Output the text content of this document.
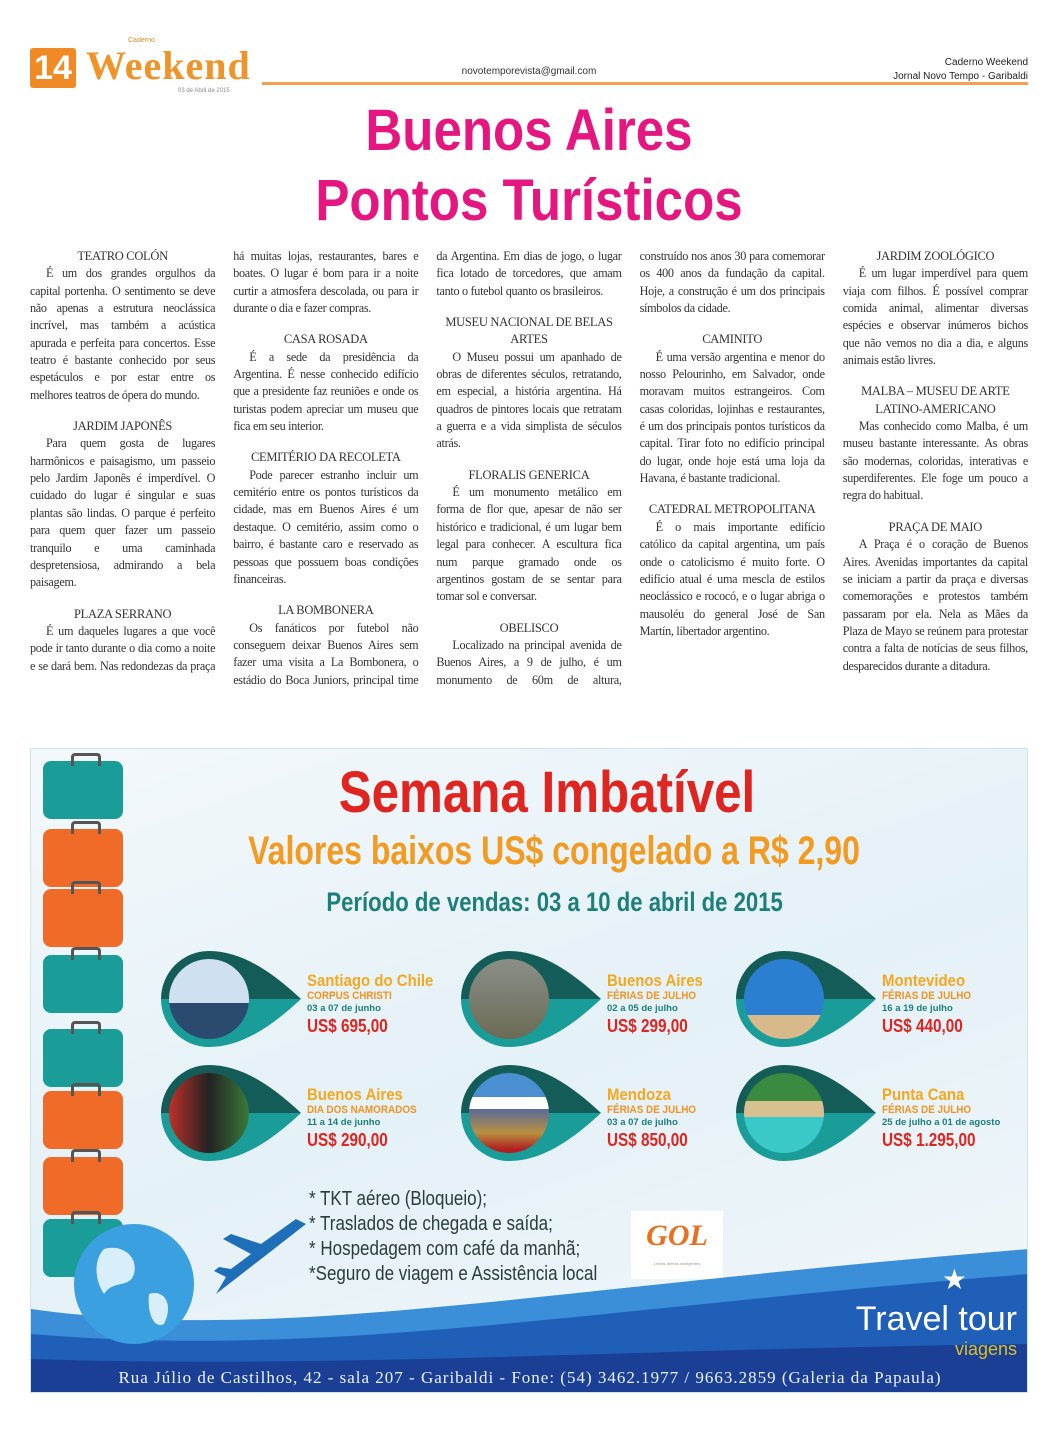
14
Caderno
Weekend
03 de Abril de 2015
novotemporevista@gmail.com
Caderno Weekend
Jornal Novo Tempo - Garibaldi
Buenos Aires
Pontos Turísticos
TEATRO COLÓN

É um dos grandes orgulhos da capital portenha. O sentimento se deve não apenas a estrutura neoclássica incrível, mas também a acústica apurada e perfeita para concertos. Esse teatro é bastante conhecido por seus espetáculos e por estar entre os melhores teatros de ópera do mundo.

JARDIM JAPONÊS

Para quem gosta de lugares harmônicos e paisagismo, um passeio pelo Jardim Japonês é imperdível. O cuidado do lugar é singular e suas plantas são lindas. O parque é perfeito para quem quer fazer um passeio tranquilo e uma caminhada despretensiosa, admirando a bela paisagem.

PLAZA SERRANO

É um daqueles lugares a que você pode ir tanto durante o dia como a noite e se dará bem. Nas redondezas da praça há muitas lojas, restaurantes, bares e boates. O lugar é bom para ir a noite curtir a atmosfera descolada, ou para ir durante o dia e fazer compras.

CASA ROSADA

É a sede da presidência da Argentina. É nesse conhecido edifício que a presidente faz reuniões e onde os turistas podem apreciar um museu que fica em seu interior.

CEMITÉRIO DA RECOLETA

Pode parecer estranho incluir um cemitério entre os pontos turísticos da cidade, mas em Buenos Aires é um destaque. O cemitério, assim como o bairro, é bastante caro e reservado as pessoas que possuem boas condições financeiras.

LA BOMBONERA

Os fanáticos por futebol não conseguem deixar Buenos Aires sem fazer uma visita a La Bombonera, o estádio do Boca Juniors, principal time da Argentina. Em dias de jogo, o lugar fica lotado de torcedores, que amam tanto o futebol quanto os brasileiros.

MUSEU NACIONAL DE BELAS ARTES

O Museu possui um apanhado de obras de diferentes séculos, retratando, em especial, a história argentina. Há quadros de pintores locais que retratam a guerra e a vida simplista de séculos atrás.

FLORALIS GENERICA

É um monumento metálico em forma de flor que, apesar de não ser histórico e tradicional, é um lugar bem legal para conhecer. A escultura fica num parque gramado onde os argentinos gostam de se sentar para tomar sol e conversar.

OBELISCO

Localizado na principal avenida de Buenos Aires, a 9 de julho, é um monumento de 60m de altura, construído nos anos 30 para comemorar os 400 anos da fundação da capital. Hoje, a construção é um dos principais símbolos da cidade.

CAMINITO

É uma versão argentina e menor do nosso Pelourinho, em Salvador, onde moravam muitos estrangeiros. Com casas coloridas, lojinhas e restaurantes, é um dos principais pontos turísticos da capital. Tirar foto no edifício principal do lugar, onde hoje está uma loja da Havana, é bastante tradicional.

CATEDRAL METROPOLITANA

É o mais importante edifício católico da capital argentina, um país onde o catolicismo é muito forte. O edifício atual é uma mescla de estilos neoclássico e rococó, e o lugar abriga o mausoléu do general José de San Martín, libertador argentino.

JARDIM ZOOLÓGICO

É um lugar imperdível para quem viaja com filhos. É possível comprar comida animal, alimentar diversas espécies e observar inúmeros bichos que não vemos no dia a dia, e alguns animais estão livres.

MALBA – MUSEU DE ARTE LATINO-AMERICANO

Mas conhecido como Malba, é um museu bastante interessante. As obras são modernas, coloridas, interativas e superdiferentes. Ele foge um pouco a regra do habitual.

PRAÇA DE MAIO

A Praça é o coração de Buenos Aires. Avenidas importantes da capital se iniciam a partir da praça e diversas comemorações e protestos também passaram por ela. Nela as Mães da Plaza de Mayo se reúnem para protestar contra a falta de notícias de seus filhos, desparecidos durante a ditadura.

Semana Imbatível
Valores baixos US$ congelado a R$ 2,90
Período de vendas: 03 a 10 de abril de 2015
Santiago do Chile
CORPUS CHRISTI
03 a 07 de junho
US$ 695,00
Buenos Aires
FÉRIAS DE JULHO
02 a 05 de julho
US$ 299,00
Montevideo
FÉRIAS DE JULHO
16 a 19 de julho
US$ 440,00
Buenos Aires
DIA DOS NAMORADOS
11 a 14 de junho
US$ 290,00
Mendoza
FÉRIAS DE JULHO
03 a 07 de julho
US$ 850,00
Punta Cana
FÉRIAS DE JULHO
25 de julho a 01 de agosto
US$ 1.295,00
* TKT aéreo (Bloqueio);
* Traslados de chegada e saída;
* Hospedagem com café da manhã;
*Seguro de viagem e Assistência local
GOL
Linhas aéreas inteligentes
★
Travel tour
viagens
Rua Júlio de Castilhos, 42 - sala 207 - Garibaldi - Fone: (54) 3462.1977 / 9663.2859 (Galeria da Papaula)
